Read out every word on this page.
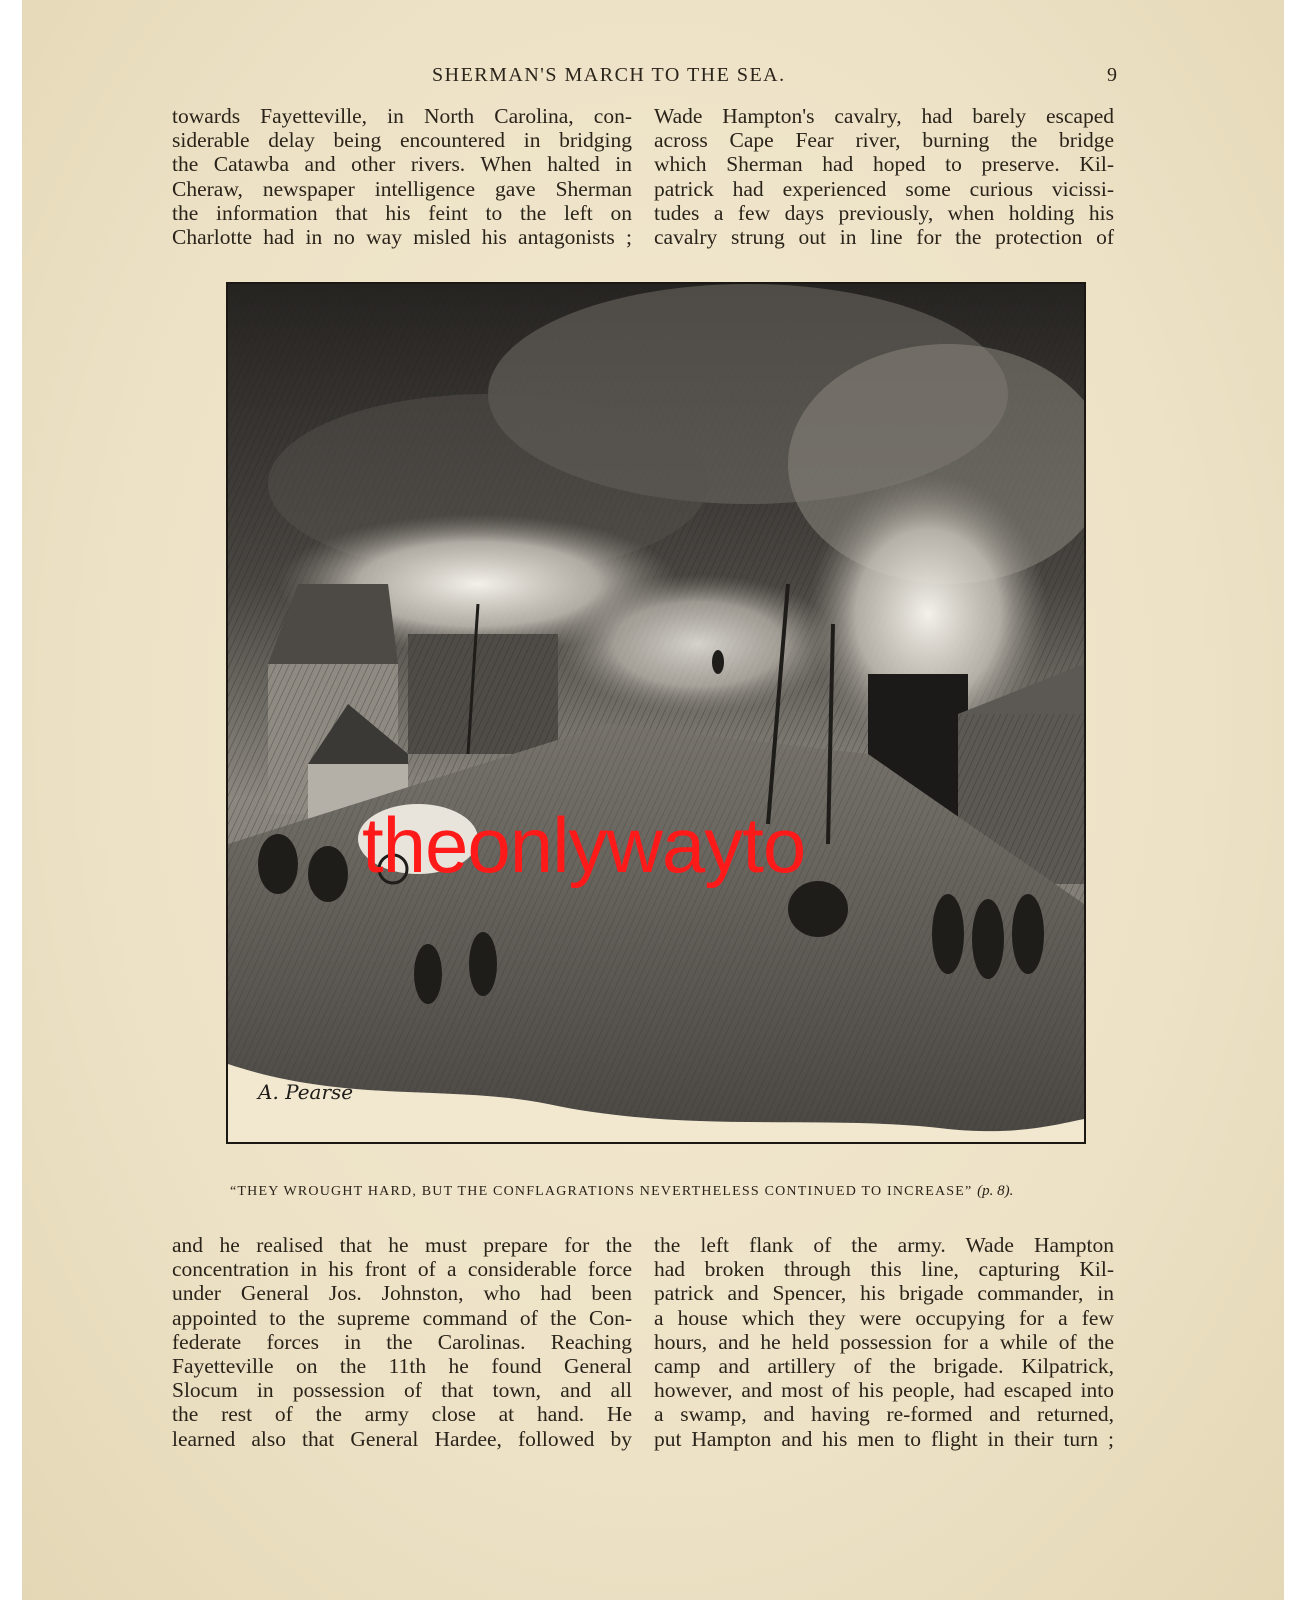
SHERMAN'S MARCH TO THE SEA.	9
towards Fayetteville, in North Carolina, con-
siderable delay being encountered in bridging
the Catawba and other rivers. When halted in
Cheraw, newspaper intelligence gave Sherman
the information that his feint to the left on
Charlotte had in no way misled his antagonists ;
Wade Hampton's cavalry, had barely escaped
across Cape Fear river, burning the bridge
which Sherman had hoped to preserve. Kil-
patrick had experienced some curious vicissi-
tudes a few days previously, when holding his
cavalry strung out in line for the protection of
A. Pearse
“THEY WROUGHT HARD, BUT THE CONFLAGRATIONS NEVERTHELESS CONTINUED TO INCREASE” (p. 8).
theonlywayto
and he realised that he must prepare for the
concentration in his front of a considerable force
under General Jos. Johnston, who had been
appointed to the supreme command of the Con-
federate forces in the Carolinas. Reaching
Fayetteville on the 11th he found General
Slocum in possession of that town, and all
the rest of the army close at hand. He
learned also that General Hardee, followed by
the left flank of the army. Wade Hampton
had broken through this line, capturing Kil-
patrick and Spencer, his brigade commander, in
a house which they were occupying for a few
hours, and he held possession for a while of the
camp and artillery of the brigade. Kilpatrick,
however, and most of his people, had escaped into
a swamp, and having re-formed and returned,
put Hampton and his men to flight in their turn ;
